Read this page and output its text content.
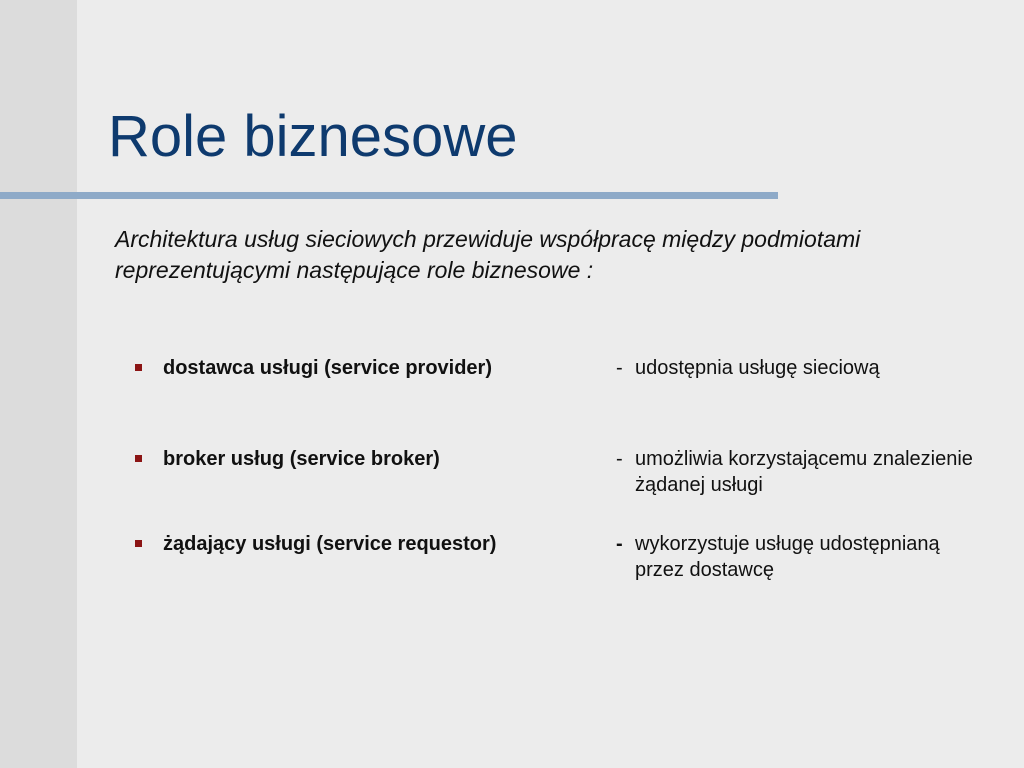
Role biznesowe

Architektura usług sieciowych przewiduje współpracę między podmiotami reprezentującymi następujące role biznesowe :

dostawca usługi (service provider)	- udostępnia usługę sieciową
broker usług (service broker)	- umożliwia korzystającemu znalezienie żądanej usługi
żądający usługi (service requestor)	- wykorzystuje usługę udostępnianą przez dostawcę
